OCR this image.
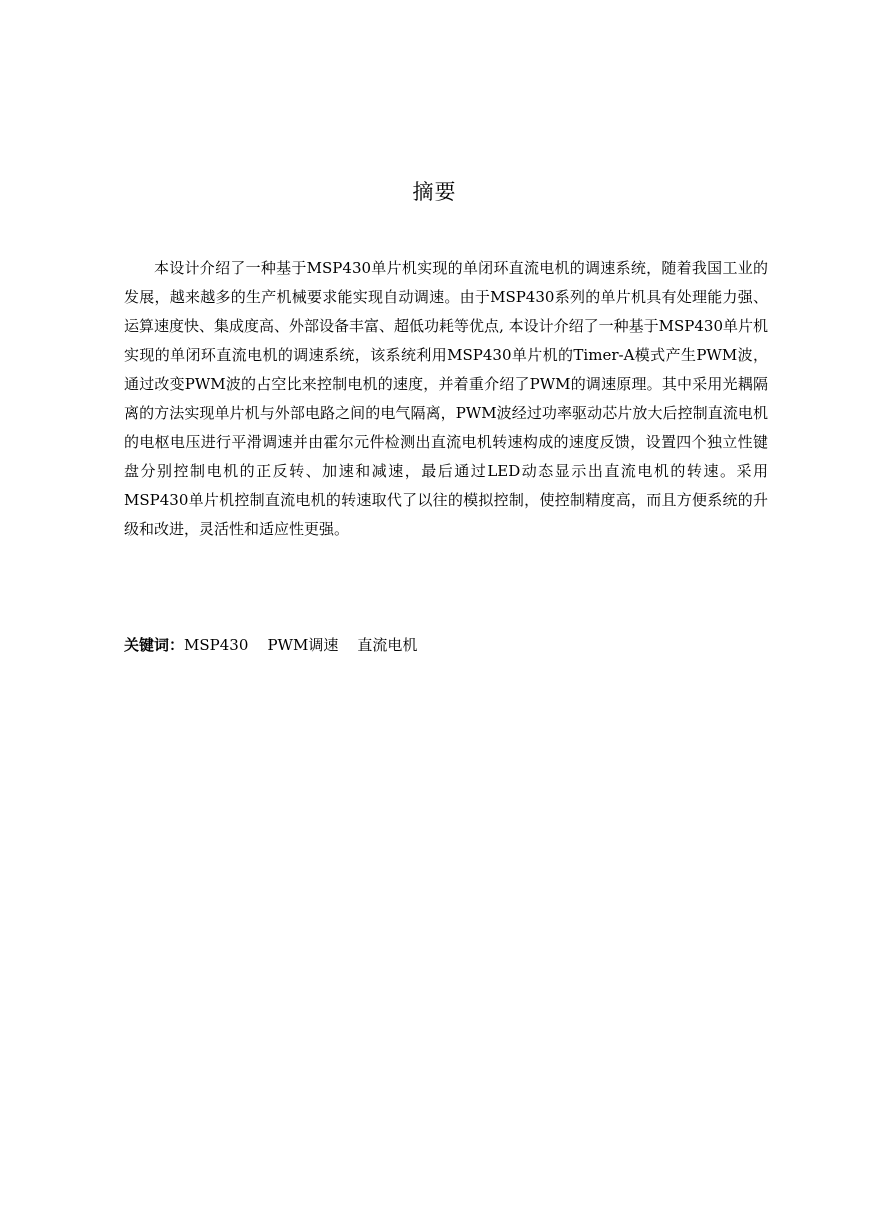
摘要

本设计介绍了一种基于MSP430单片机实现的单闭环直流电机的调速系统，随着我国工业的发展，越来越多的生产机械要求能实现自动调速。由于MSP430系列的单片机具有处理能力强、运算速度快、集成度高、外部设备丰富、超低功耗等优点, 本设计介绍了一种基于MSP430单片机实现的单闭环直流电机的调速系统，该系统利用MSP430单片机的Timer-A模式产生PWM波，通过改变PWM波的占空比来控制电机的速度，并着重介绍了PWM的调速原理。其中采用光耦隔离的方法实现单片机与外部电路之间的电气隔离，PWM波经过功率驱动芯片放大后控制直流电机的电枢电压进行平滑调速并由霍尔元件检测出直流电机转速构成的速度反馈，设置四个独立性键盘分别控制电机的正反转、加速和减速，最后通过LED动态显示出直流电机的转速。采用MSP430单片机控制直流电机的转速取代了以往的模拟控制，使控制精度高，而且方便系统的升级和改进，灵活性和适应性更强。

关键词：MSP430    PWM调速    直流电机
